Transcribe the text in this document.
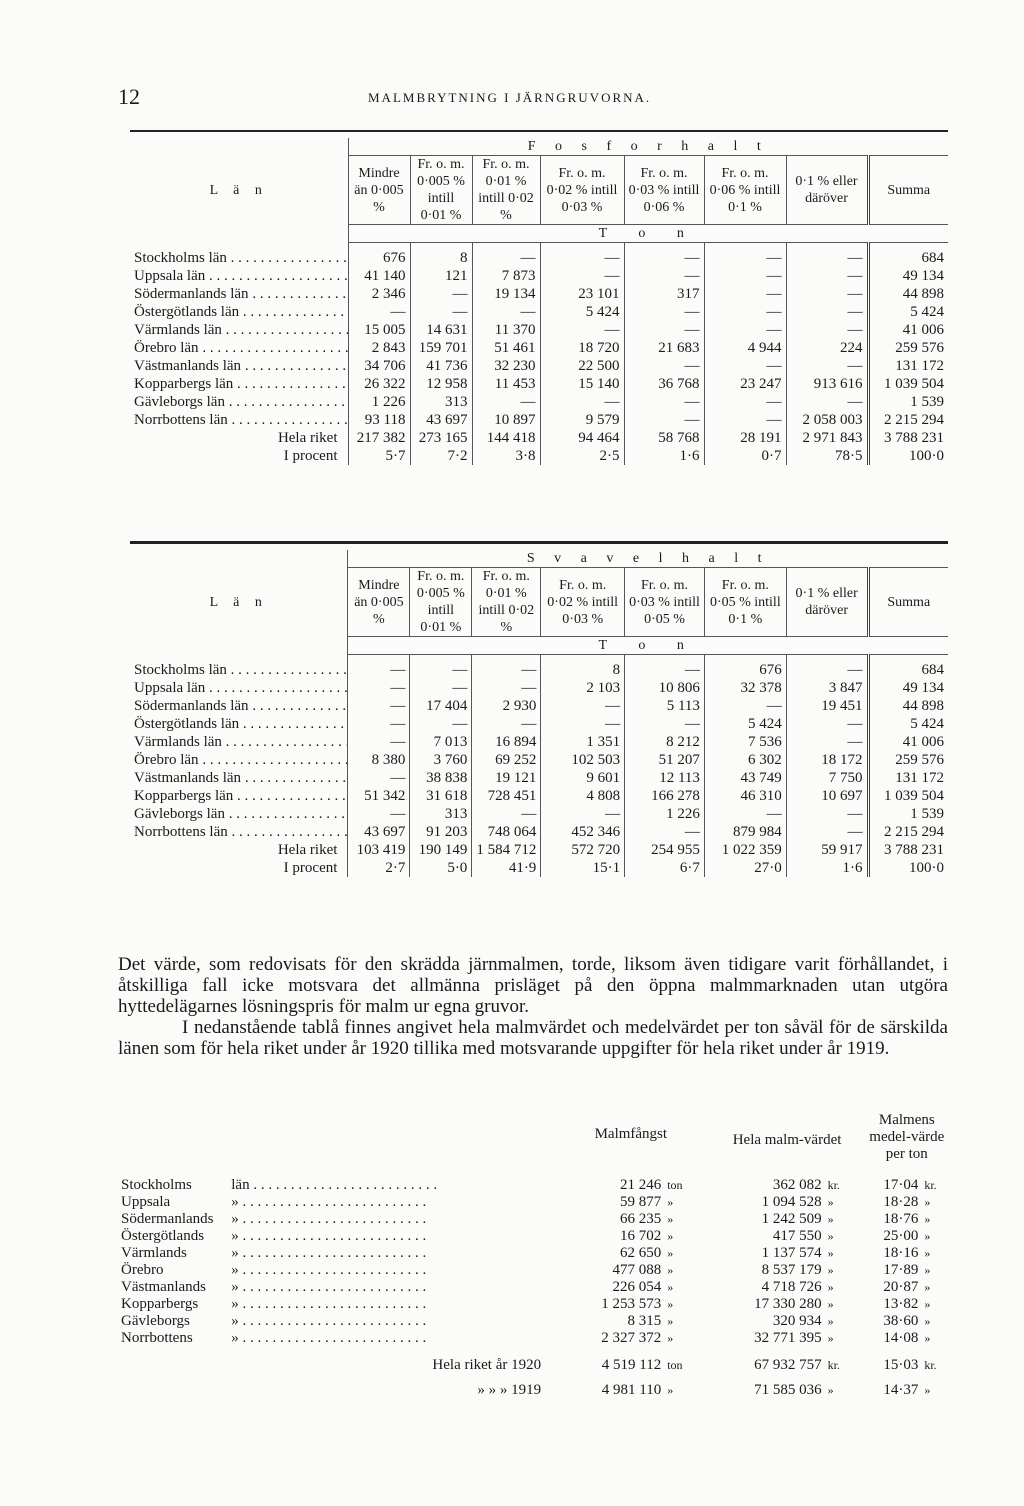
12	MALMBRYTNING I JÄRNGRUVORNA.
L ä n	F o s f o r h a l t							
	Mindre än 0·005 %	Fr. o. m. 0·005 % intill 0·01 %	Fr. o. m. 0·01 % intill 0·02 %	Fr. o. m. 0·02 % intill 0·03 %	Fr. o. m. 0·03 % intill 0·06 %	Fr. o. m. 0·06 % intill 0·1 %	0·1 % eller däröver	Summa
	T o n							
Stockholms län . . .	676	8	—	—	—	—	—	684
Uppsala län . . .	41 140	121	7 873	—	—	—	—	49 134
Södermanlands län . . .	2 346	—	19 134	23 101	317	—	—	44 898
Östergötlands län . . .	—	—	—	5 424	—	—	—	5 424
Värmlands län . . .	15 005	14 631	11 370	—	—	—	—	41 006
Örebro län . . .	2 843	159 701	51 461	18 720	21 683	4 944	224	259 576
Västmanlands län . . .	34 706	41 736	32 230	22 500	—	—	—	131 172
Kopparbergs län . . .	26 322	12 958	11 453	15 140	36 768	23 247	913 616	1 039 504
Gävleborgs län . . .	1 226	313	—	—	—	—	—	1 539
Norrbottens län . . .	93 118	43 697	10 897	9 579	—	—	2 058 003	2 215 294
Hela riket	217 382	273 165	144 418	94 464	58 768	28 191	2 971 843	3 788 231
I procent	5·7	7·2	3·8	2·5	1·6	0·7	78·5	100·0
L ä n	S v a v e l h a l t							
	Mindre än 0·005 %	Fr. o. m. 0·005 % intill 0·01 %	Fr. o. m. 0·01 % intill 0·02 %	Fr. o. m. 0·02 % intill 0·03 %	Fr. o. m. 0·03 % intill 0·05 %	Fr. o. m. 0·05 % intill 0·1 %	0·1 % eller däröver	Summa
	T o n							
Stockholms län . . .	—	—	—	8	—	676	—	684
Uppsala län . . .	—	—	—	2 103	10 806	32 378	3 847	49 134
Södermanlands län . . .	—	17 404	2 930	—	5 113	—	19 451	44 898
Östergötlands län . . .	—	—	—	—	—	5 424	—	5 424
Värmlands län . . .	—	7 013	16 894	1 351	8 212	7 536	—	41 006
Örebro län . . .	8 380	3 760	69 252	102 503	51 207	6 302	18 172	259 576
Västmanlands län . . .	—	38 838	19 121	9 601	12 113	43 749	7 750	131 172
Kopparbergs län . . .	51 342	31 618	728 451	4 808	166 278	46 310	10 697	1 039 504
Gävleborgs län . . .	—	313	—	—	1 226	—	—	1 539
Norrbottens län . . .	43 697	91 203	748 064	452 346	—	879 984	—	2 215 294
Hela riket	103 419	190 149	1 584 712	572 720	254 955	1 022 359	59 917	3 788 231
I procent	2·7	5·0	41·9	15·1	6·7	27·0	1·6	100·0

Det värde, som redovisats för den skrädda järnmalmen, torde, liksom även tidigare varit förhållandet, i åtskilliga fall icke motsvara det allmänna prisläget på den öppna malmmarknaden utan utgöra hyttedelägarnes lösningspris för malm ur egna gruvor.

I nedanstående tablå finnes angivet hela malmvärdet och medelvärdet per ton såväl för de särskilda länen som för hela riket under år 1920 tillika med motsvarande uppgifter för hela riket under år 1919.

		Malmfångst		Hela malm-värdet		Malmens medel-värde per ton	
Stockholms	län . . .	21 246	ton	362 082	kr.	17·04	kr.
Uppsala	» . . .	59 877	»	1 094 528	»	18·28	»
Södermanlands	» . . .	66 235	»	1 242 509	»	18·76	»
Östergötlands	» . . .	16 702	»	417 550	»	25·00	»
Värmlands	» . . .	62 650	»	1 137 574	»	18·16	»
Örebro	» . . .	477 088	»	8 537 179	»	17·89	»
Västmanlands	» . . .	226 054	»	4 718 726	»	20·87	»
Kopparbergs	» . . .	1 253 573	»	17 330 280	»	13·82	»
Gävleborgs	» . . .	8 315	»	320 934	»	38·60	»
Norrbottens	» . . .	2 327 372	»	32 771 395	»	14·08	»
Hela riket år 1920		4 519 112	ton	67 932 757	kr.	15·03	kr.
» » » 1919		4 981 110	»	71 585 036	»	14·37	»
